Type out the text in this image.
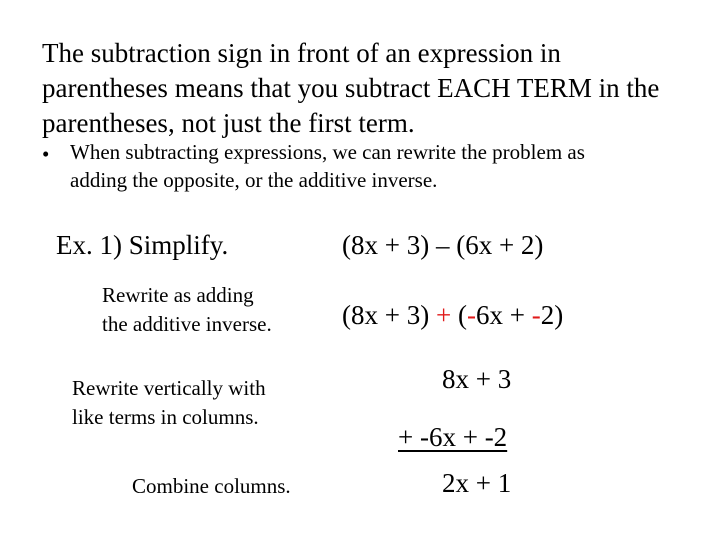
The subtraction sign in front of an expression in
parentheses means that you subtract EACH TERM in the
parentheses, not just the first term.
• When subtracting expressions, we can rewrite the problem as
adding the opposite, or the additive inverse.
Ex. 1) Simplify.	(8x + 3) – (6x + 2)
Rewrite as adding
the additive inverse.	(8x + 3) + (-6x + -2)
Rewrite vertically with
like terms in columns.
8x + 3
+ -6x + -2
Combine columns.	2x + 1
